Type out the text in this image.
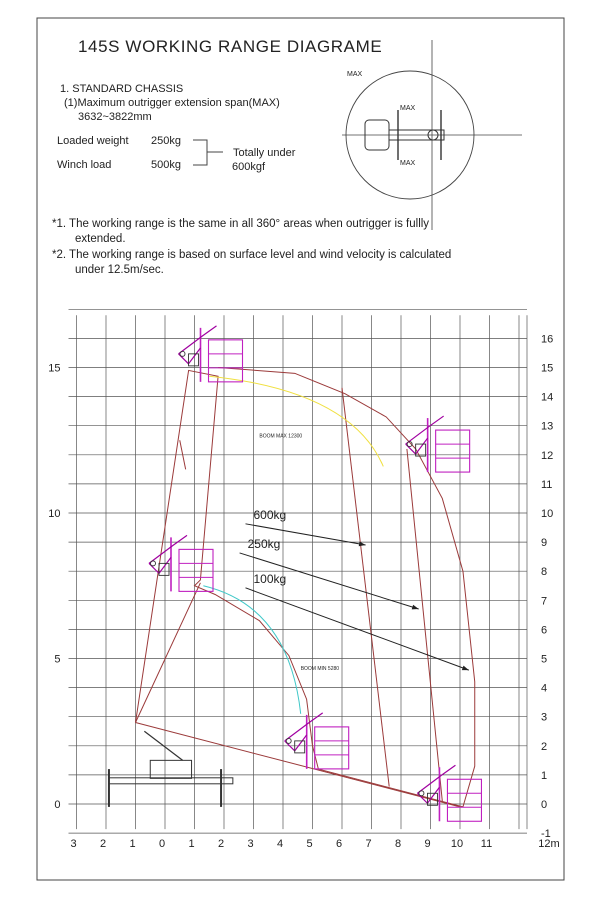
145S WORKING RANGE DIAGRAME
1. STANDARD CHASSIS
(1)Maximum outrigger extension span(MAX)
3632~3822mm
Loaded weight 250kg
Winch load	500kg
Totally under
600kgf
MAX
MAX
MAX
*1. The working range is the same in all 360° areas when outrigger is fullly
extended.
*2. The working range is based on surface level and wind velocity is calculated
under 12.5m/sec.
3 2 1 0 1 2 3 4 5 6 7 8 9 10 11	12m
0
5
10
15
-1
0
1
2
3
4
5
6
7
8
9
10
11
12
13
14
15
16
BOOM MAX 12300
BOOM MIN 5280
600kg
250kg
100kg
